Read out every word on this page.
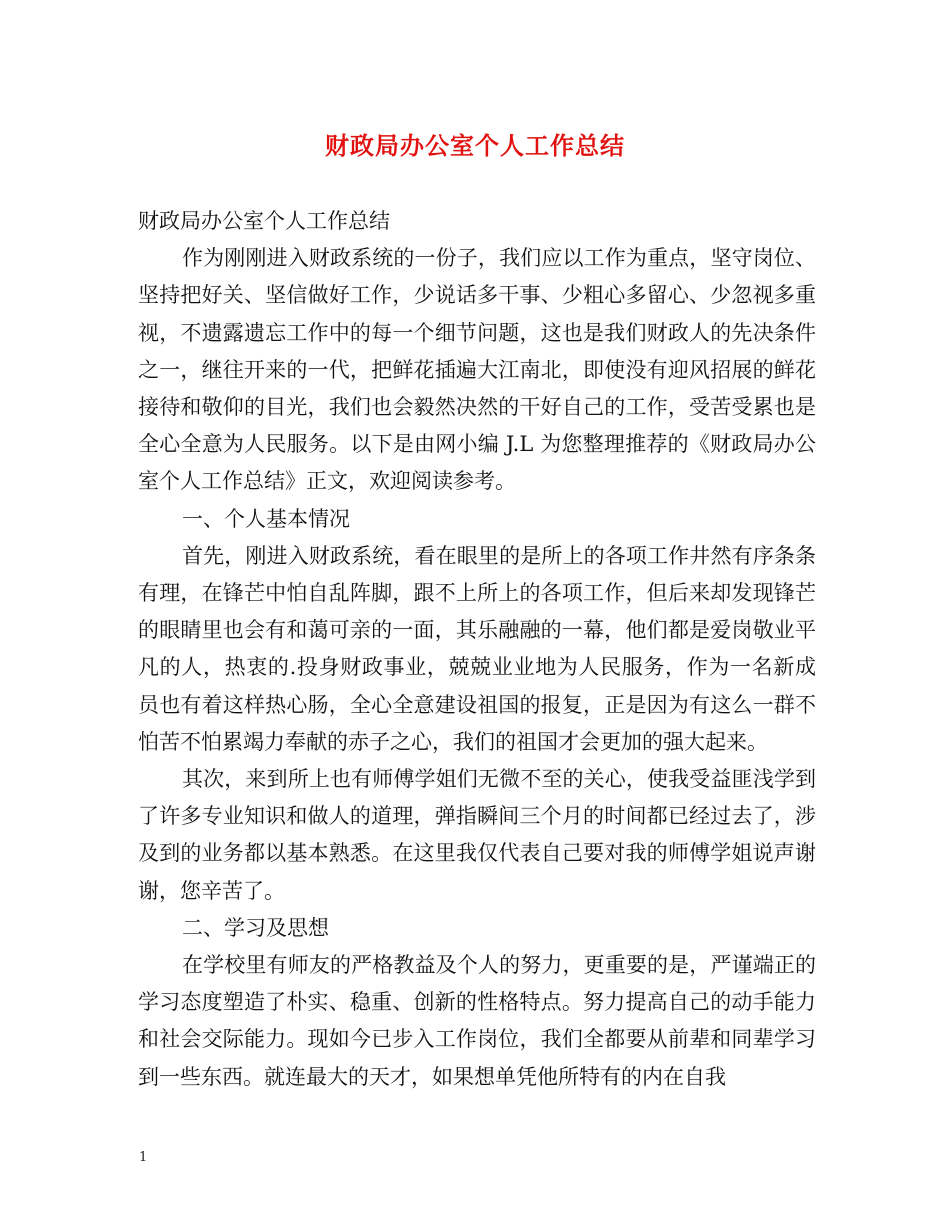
财政局办公室个人工作总结

财政局办公室个人工作总结

作为刚刚进入财政系统的一份子，我们应以工作为重点，坚守岗位、坚持把好关、坚信做好工作，少说话多干事、少粗心多留心、少忽视多重视，不遗露遗忘工作中的每一个细节问题，这也是我们财政人的先决条件之一，继往开来的一代，把鲜花插遍大江南北，即使没有迎风招展的鲜花接待和敬仰的目光，我们也会毅然决然的干好自己的工作，受苦受累也是全心全意为人民服务。以下是由网小编 J.L 为您整理推荐的《财政局办公室个人工作总结》正文，欢迎阅读参考。

一、个人基本情况

首先，刚进入财政系统，看在眼里的是所上的各项工作井然有序条条有理，在锋芒中怕自乱阵脚，跟不上所上的各项工作，但后来却发现锋芒的眼睛里也会有和蔼可亲的一面，其乐融融的一幕，他们都是爱岗敬业平凡的人，热衷的.投身财政事业，兢兢业业地为人民服务，作为一名新成员也有着这样热心肠，全心全意建设祖国的报复，正是因为有这么一群不怕苦不怕累竭力奉献的赤子之心，我们的祖国才会更加的强大起来。

其次，来到所上也有师傅学姐们无微不至的关心，使我受益匪浅学到了许多专业知识和做人的道理，弹指瞬间三个月的时间都已经过去了，涉及到的业务都以基本熟悉。在这里我仅代表自己要对我的师傅学姐说声谢谢，您辛苦了。

二、学习及思想

在学校里有师友的严格教益及个人的努力，更重要的是，严谨端正的学习态度塑造了朴实、稳重、创新的性格特点。努力提高自己的动手能力和社会交际能力。现如今已步入工作岗位，我们全都要从前辈和同辈学习到一些东西。就连最大的天才，如果想单凭他所特有的内在自我

1
